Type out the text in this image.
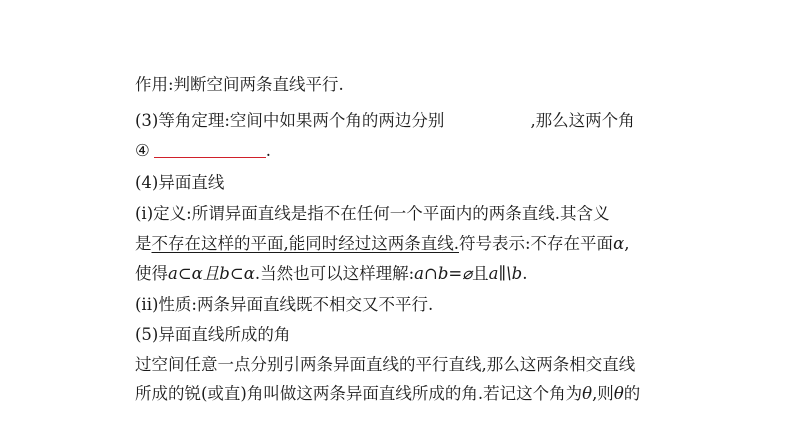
作用:判断空间两条直线平行.
(3)等角定理:空间中如果两个角的两边分别	,那么这两个角
④	.
(4)异面直线
(i)定义:所谓异面直线是指不在任何一个平面内的两条直线.其含义
是不存在这样的平面,能同时经过这两条直线.符号表示:不存在平面α,
使得a⊂α且b⊂α.当然也可以这样理解:a∩b=⌀且a∥\b.
(ii)性质:两条异面直线既不相交又不平行.
(5)异面直线所成的角
过空间任意一点分别引两条异面直线的平行直线,那么这两条相交直线
所成的锐(或直)角叫做这两条异面直线所成的角.若记这个角为θ,则θ的
